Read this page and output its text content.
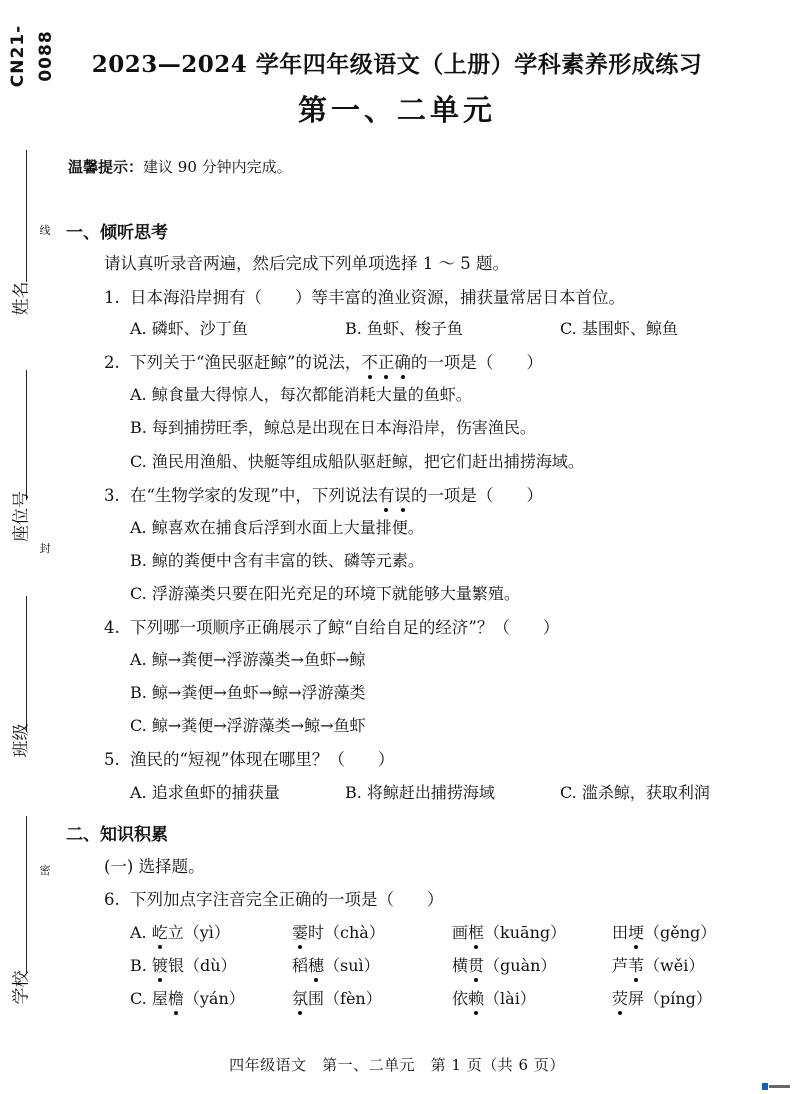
CN21-0088
姓名
线
座位号
封
班级
密
学校
2023—2024 学年四年级语文（上册）学科素养形成练习
第一、二单元
温馨提示：建议 90 分钟内完成。
一、倾听思考
请认真听录音两遍，然后完成下列单项选择 1 ～ 5 题。
1. 日本海沿岸拥有（　　）等丰富的渔业资源，捕获量常居日本首位。
A. 磷虾、沙丁鱼	B. 鱼虾、梭子鱼	C. 基围虾、鲸鱼
2. 下列关于“渔民驱赶鲸”的说法，不正确的一项是（　　）
A. 鲸食量大得惊人，每次都能消耗大量的鱼虾。
B. 每到捕捞旺季，鲸总是出现在日本海沿岸，伤害渔民。
C. 渔民用渔船、快艇等组成船队驱赶鲸，把它们赶出捕捞海域。
3. 在“生物学家的发现”中，下列说法有误的一项是（　　）
A. 鲸喜欢在捕食后浮到水面上大量排便。
B. 鲸的粪便中含有丰富的铁、磷等元素。
C. 浮游藻类只要在阳光充足的环境下就能够大量繁殖。
4. 下列哪一项顺序正确展示了鲸“自给自足的经济”？（　　）
A. 鲸→粪便→浮游藻类→鱼虾→鲸
B. 鲸→粪便→鱼虾→鲸→浮游藻类
C. 鲸→粪便→浮游藻类→鲸→鱼虾
5. 渔民的“短视”体现在哪里？（　　）
A. 追求鱼虾的捕获量	B. 将鲸赶出捕捞海域	C. 滥杀鲸，获取利润
二、知识积累
(一) 选择题。
6. 下列加点字注音完全正确的一项是（　　）
A. 屹立（yì）	霎时（chà）	画框（kuāng）	田埂（gěng）
B. 镀银（dù）	稻穗（suì）	横贯（guàn）	芦苇（wěi）
C. 屋檐（yán）	氛围（fèn）	依赖（lài）	荧屏（píng）
四年级语文　第一、二单元　第 1 页（共 6 页）
